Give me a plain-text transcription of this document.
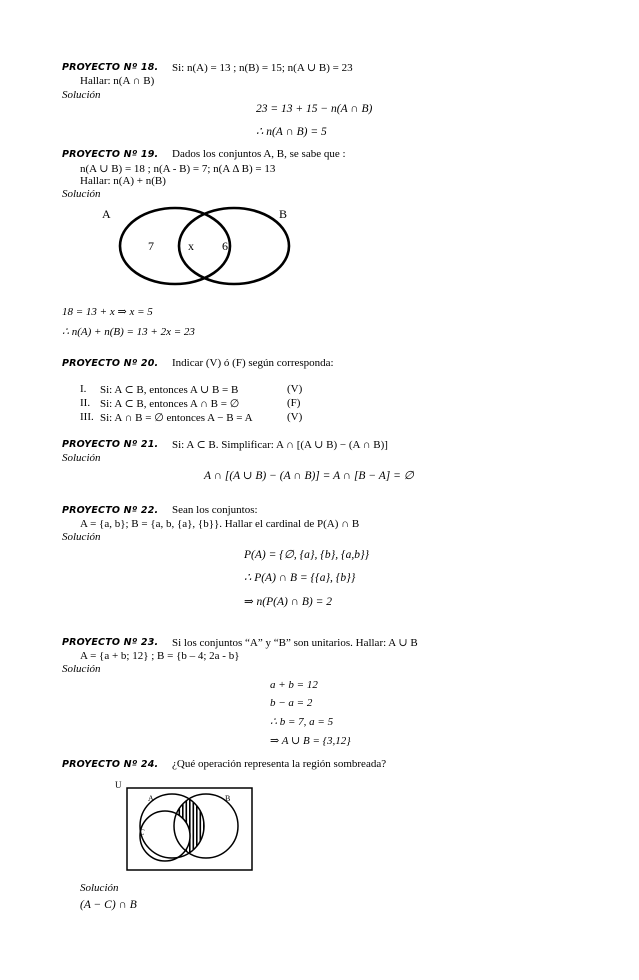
PROYECTO Nº 18. Si: n(A) = 13 ; n(B) = 15; n(A ∪ B) = 23
Hallar: n(A ∩ B)
Solución
23 = 13 + 15 − n(A ∩ B)
∴ n(A ∩ B) = 5
PROYECTO Nº 19. Dados los conjuntos A, B, se sabe que :
n(A ∪ B) = 18 ; n(A - B) = 7; n(A Δ B) = 13
Hallar: n(A) + n(B)
Solución
A	B
7	x 6
18 = 13 + x ⇒ x = 5
∴ n(A) + n(B) = 13 + 2x = 23
PROYECTO Nº 20. Indicar (V) ó (F) según corresponda:
I. Si: A ⊂ B, entonces A ∪ B = B	(V)
II. Si: A ⊂ B, entonces A ∩ B = ∅	(F)
III. Si: A ∩ B = ∅ entonces A − B = A	(V)
PROYECTO Nº 21. Si: A ⊂ B. Simplificar: A ∩ [(A ∪ B) − (A ∩ B)]
Solución
A ∩ [(A ∪ B) − (A ∩ B)] = A ∩ [B − A] = ∅
PROYECTO Nº 22. Sean los conjuntos:
A = {a, b}; B = {a, b, {a}, {b}}. Hallar el cardinal de P(A) ∩ B
Solución
P(A) = {∅, {a}, {b}, {a,b}}
∴ P(A) ∩ B = {{a}, {b}}
⇒ n(P(A) ∩ B) = 2
PROYECTO Nº 23. Si los conjuntos “A” y “B” son unitarios. Hallar: A ∪ B
A = {a + b; 12} ; B = {b – 4; 2a - b}
Solución
a + b = 12
b − a = 2
∴ b = 7, a = 5
⇒ A ∪ B = {3,12}
PROYECTO Nº 24. ¿Qué operación representa la región sombreada?
U
A	B
C
Solución
(A − C) ∩ B
